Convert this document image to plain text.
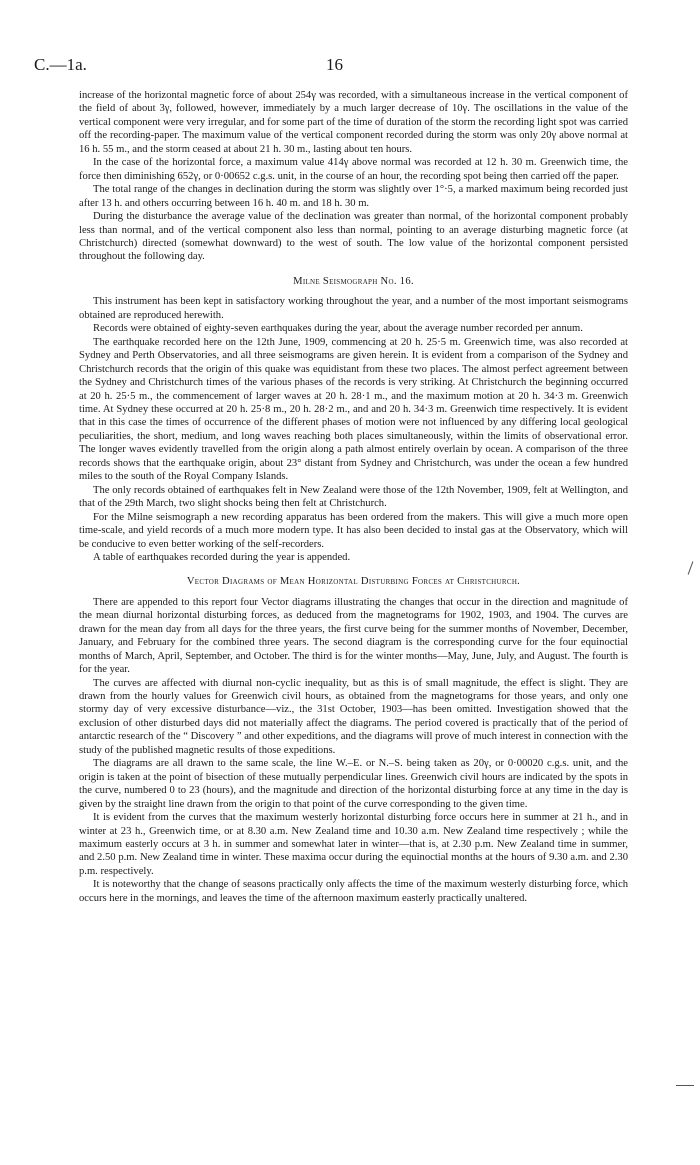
C.—1a.	16

increase of the horizontal magnetic force of about 254γ was recorded, with a simultaneous increase in the vertical component of the field of about 3γ, followed, however, immediately by a much larger decrease of 10γ. The oscillations in the value of the vertical component were very irregular, and for some part of the time of duration of the storm the recording light spot was carried off the recording-paper. The maximum value of the vertical component recorded during the storm was only 20γ above normal at 16 h. 55 m., and the storm ceased at about 21 h. 30 m., lasting about ten hours.

In the case of the horizontal force, a maximum value 414γ above normal was recorded at 12 h. 30 m. Greenwich time, the force then diminishing 652γ, or 0·00652 c.g.s. unit, in the course of an hour, the recording spot being then carried off the paper.

The total range of the changes in declination during the storm was slightly over 1°·5, a marked maximum being recorded just after 13 h. and others occurring between 16 h. 40 m. and 18 h. 30 m.

During the disturbance the average value of the declination was greater than normal, of the horizontal component probably less than normal, and of the vertical component also less than normal, pointing to an average disturbing magnetic force (at Christchurch) directed (somewhat downward) to the west of south. The low value of the horizontal component persisted throughout the following day.

Milne Seismograph No. 16.

This instrument has been kept in satisfactory working throughout the year, and a number of the most important seismograms obtained are reproduced herewith.

Records were obtained of eighty-seven earthquakes during the year, about the average number recorded per annum.

The earthquake recorded here on the 12th June, 1909, commencing at 20 h. 25·5 m. Greenwich time, was also recorded at Sydney and Perth Observatories, and all three seismograms are given herein. It is evident from a comparison of the Sydney and Christchurch records that the origin of this quake was equidistant from these two places. The almost perfect agreement between the Sydney and Christchurch times of the various phases of the records is very striking. At Christchurch the beginning occurred at 20 h. 25·5 m., the commencement of larger waves at 20 h. 28·1 m., and the maximum motion at 20 h. 34·3 m. Greenwich time. At Sydney these occurred at 20 h. 25·8 m., 20 h. 28·2 m., and and 20 h. 34·3 m. Greenwich time respectively. It is evident that in this case the times of occurrence of the different phases of motion were not influenced by any differing local geological peculiarities, the short, medium, and long waves reaching both places simultaneously, within the limits of observational error. The longer waves evidently travelled from the origin along a path almost entirely overlain by ocean. A comparison of the three records shows that the earthquake origin, about 23° distant from Sydney and Christchurch, was under the ocean a few hundred miles to the south of the Royal Company Islands.

The only records obtained of earthquakes felt in New Zealand were those of the 12th November, 1909, felt at Wellington, and that of the 29th March, two slight shocks being then felt at Christchurch.

For the Milne seismograph a new recording apparatus has been ordered from the makers. This will give a much more open time-scale, and yield records of a much more modern type. It has also been decided to instal gas at the Observatory, which will be conducive to even better working of the self-recorders.

A table of earthquakes recorded during the year is appended.

Vector Diagrams of Mean Horizontal Disturbing Forces at Christchurch.

There are appended to this report four Vector diagrams illustrating the changes that occur in the direction and magnitude of the mean diurnal horizontal disturbing forces, as deduced from the magnetograms for 1902, 1903, and 1904. The curves are drawn for the mean day from all days for the three years, the first curve being for the summer months of November, December, January, and February for the combined three years. The second diagram is the corresponding curve for the four equinoctial months of March, April, September, and October. The third is for the winter months—May, June, July, and August. The fourth is for the year.

The curves are affected with diurnal non-cyclic inequality, but as this is of small magnitude, the effect is slight. They are drawn from the hourly values for Greenwich civil hours, as obtained from the magnetograms for those years, and only one stormy day of very excessive disturbance—viz., the 31st October, 1903—has been omitted. Investigation showed that the exclusion of other disturbed days did not materially affect the diagrams. The period covered is practically that of the period of antarctic research of the “ Discovery ” and other expeditions, and the diagrams will prove of much interest in connection with the study of the published magnetic results of those expeditions.

The diagrams are all drawn to the same scale, the line W.–E. or N.–S. being taken as 20γ, or 0·00020 c.g.s. unit, and the origin is taken at the point of bisection of these mutually perpendicular lines. Greenwich civil hours are indicated by the spots in the curve, numbered 0 to 23 (hours), and the magnitude and direction of the horizontal disturbing force at any time in the day is given by the straight line drawn from the origin to that point of the curve corresponding to the given time.

It is evident from the curves that the maximum westerly horizontal disturbing force occurs here in summer at 21 h., and in winter at 23 h., Greenwich time, or at 8.30 a.m. New Zealand time and 10.30 a.m. New Zealand time respectively ; while the maximum easterly occurs at 3 h. in summer and somewhat later in winter—that is, at 2.30 p.m. New Zealand time in summer, and 2.50 p.m. New Zealand time in winter. These maxima occur during the equinoctial months at the hours of 9.30 a.m. and 2.30 p.m. respectively.

It is noteworthy that the change of seasons practically only affects the time of the maximum westerly disturbing force, which occurs here in the mornings, and leaves the time of the afternoon maximum easterly practically unaltered.
